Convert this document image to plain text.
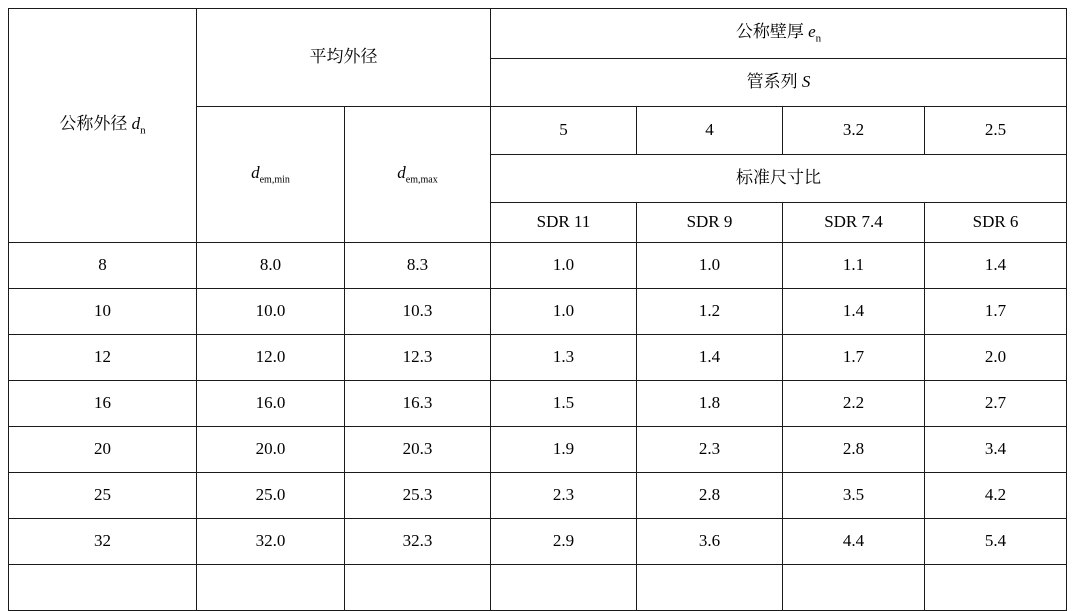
公称外径 $d_n$	平均外径		公称壁厚 $e_n$
			管系列 S			
	$d_{em,min}$	$d_{em,max}$	5	4	3.2	2.5
			标准尺寸比			
			SDR 11	SDR 9	SDR 7.4	SDR 6
8	8.0	8.3	1.0	1.0	1.1	1.4
10	10.0	10.3	1.0	1.2	1.4	1.7
12	12.0	12.3	1.3	1.4	1.7	2.0
16	16.0	16.3	1.5	1.8	2.2	2.7
20	20.0	20.3	1.9	2.3	2.8	3.4
25	25.0	25.3	2.3	2.8	3.5	4.2
32	32.0	32.3	2.9	3.6	4.4	5.4
